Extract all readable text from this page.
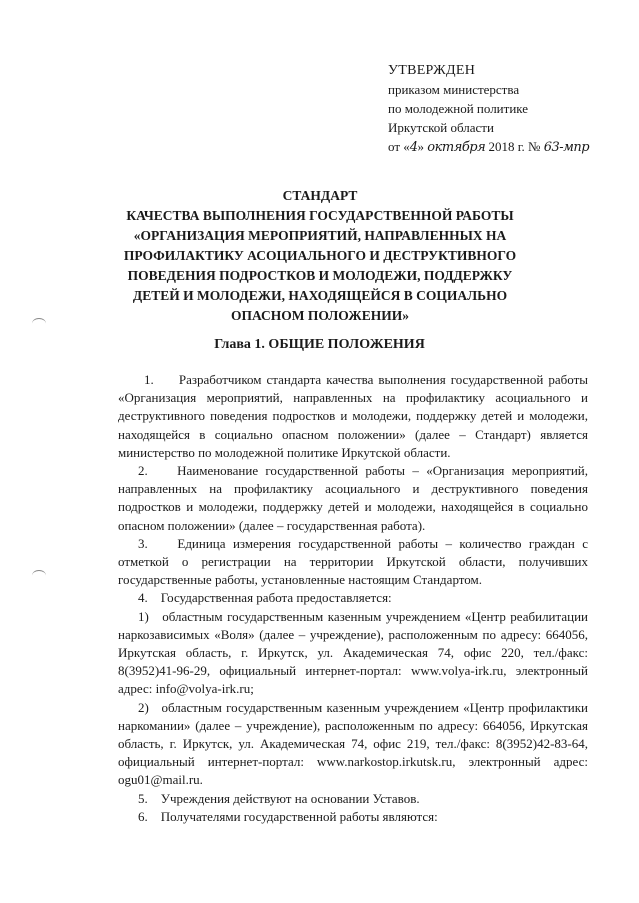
УТВЕРЖДЕН
приказом министерства
по молодежной политике
Иркутской области
от «4» октября 2018 г. № 63-мпр
СТАНДАРТ
КАЧЕСТВА ВЫПОЛНЕНИЯ ГОСУДАРСТВЕННОЙ РАБОТЫ
«ОРГАНИЗАЦИЯ МЕРОПРИЯТИЙ, НАПРАВЛЕННЫХ НА
ПРОФИЛАКТИКУ АСОЦИАЛЬНОГО И ДЕСТРУКТИВНОГО
ПОВЕДЕНИЯ ПОДРОСТКОВ И МОЛОДЕЖИ, ПОДДЕРЖКУ
ДЕТЕЙ И МОЛОДЕЖИ, НАХОДЯЩЕЙСЯ В СОЦИАЛЬНО
ОПАСНОМ ПОЛОЖЕНИИ»
Глава 1. ОБЩИЕ ПОЛОЖЕНИЯ

1.     Разработчиком стандарта качества выполнения государственной работы «Организация мероприятий, направленных на профилактику асоциального и деструктивного поведения подростков и молодежи, поддержку детей и молодежи, находящейся в социально опасном положении» (далее – Стандарт) является министерство по молодежной политике Иркутской области.

2.    Наименование государственной работы – «Организация мероприятий, направленных на профилактику асоциального и деструктивного поведения подростков и молодежи, поддержку детей и молодежи, находящейся в социально опасном положении» (далее – государственная работа).

3.    Единица измерения государственной работы – количество граждан с отметкой о регистрации на территории Иркутской области, получивших государственные работы, установленные настоящим Стандартом.

4.    Государственная работа предоставляется:

1)   областным государственным казенным учреждением «Центр реабилитации наркозависимых «Воля» (далее – учреждение), расположенным по адресу: 664056, Иркутская область, г. Иркутск, ул. Академическая 74, офис 220, тел./факс: 8(3952)41-96-29, официальный интернет-портал: www.volya-irk.ru, электронный адрес: info@volya-irk.ru;

2)   областным государственным казенным учреждением «Центр профилактики наркомании» (далее – учреждение), расположенным по адресу: 664056, Иркутская область, г. Иркутск, ул. Академическая 74, офис 219, тел./факс: 8(3952)42-83-64, официальный интернет-портал: www.narkostop.irkutsk.ru, электронный адрес: ogu01@mail.ru.

5.    Учреждения действуют на основании Уставов.

6.    Получателями государственной работы являются:
